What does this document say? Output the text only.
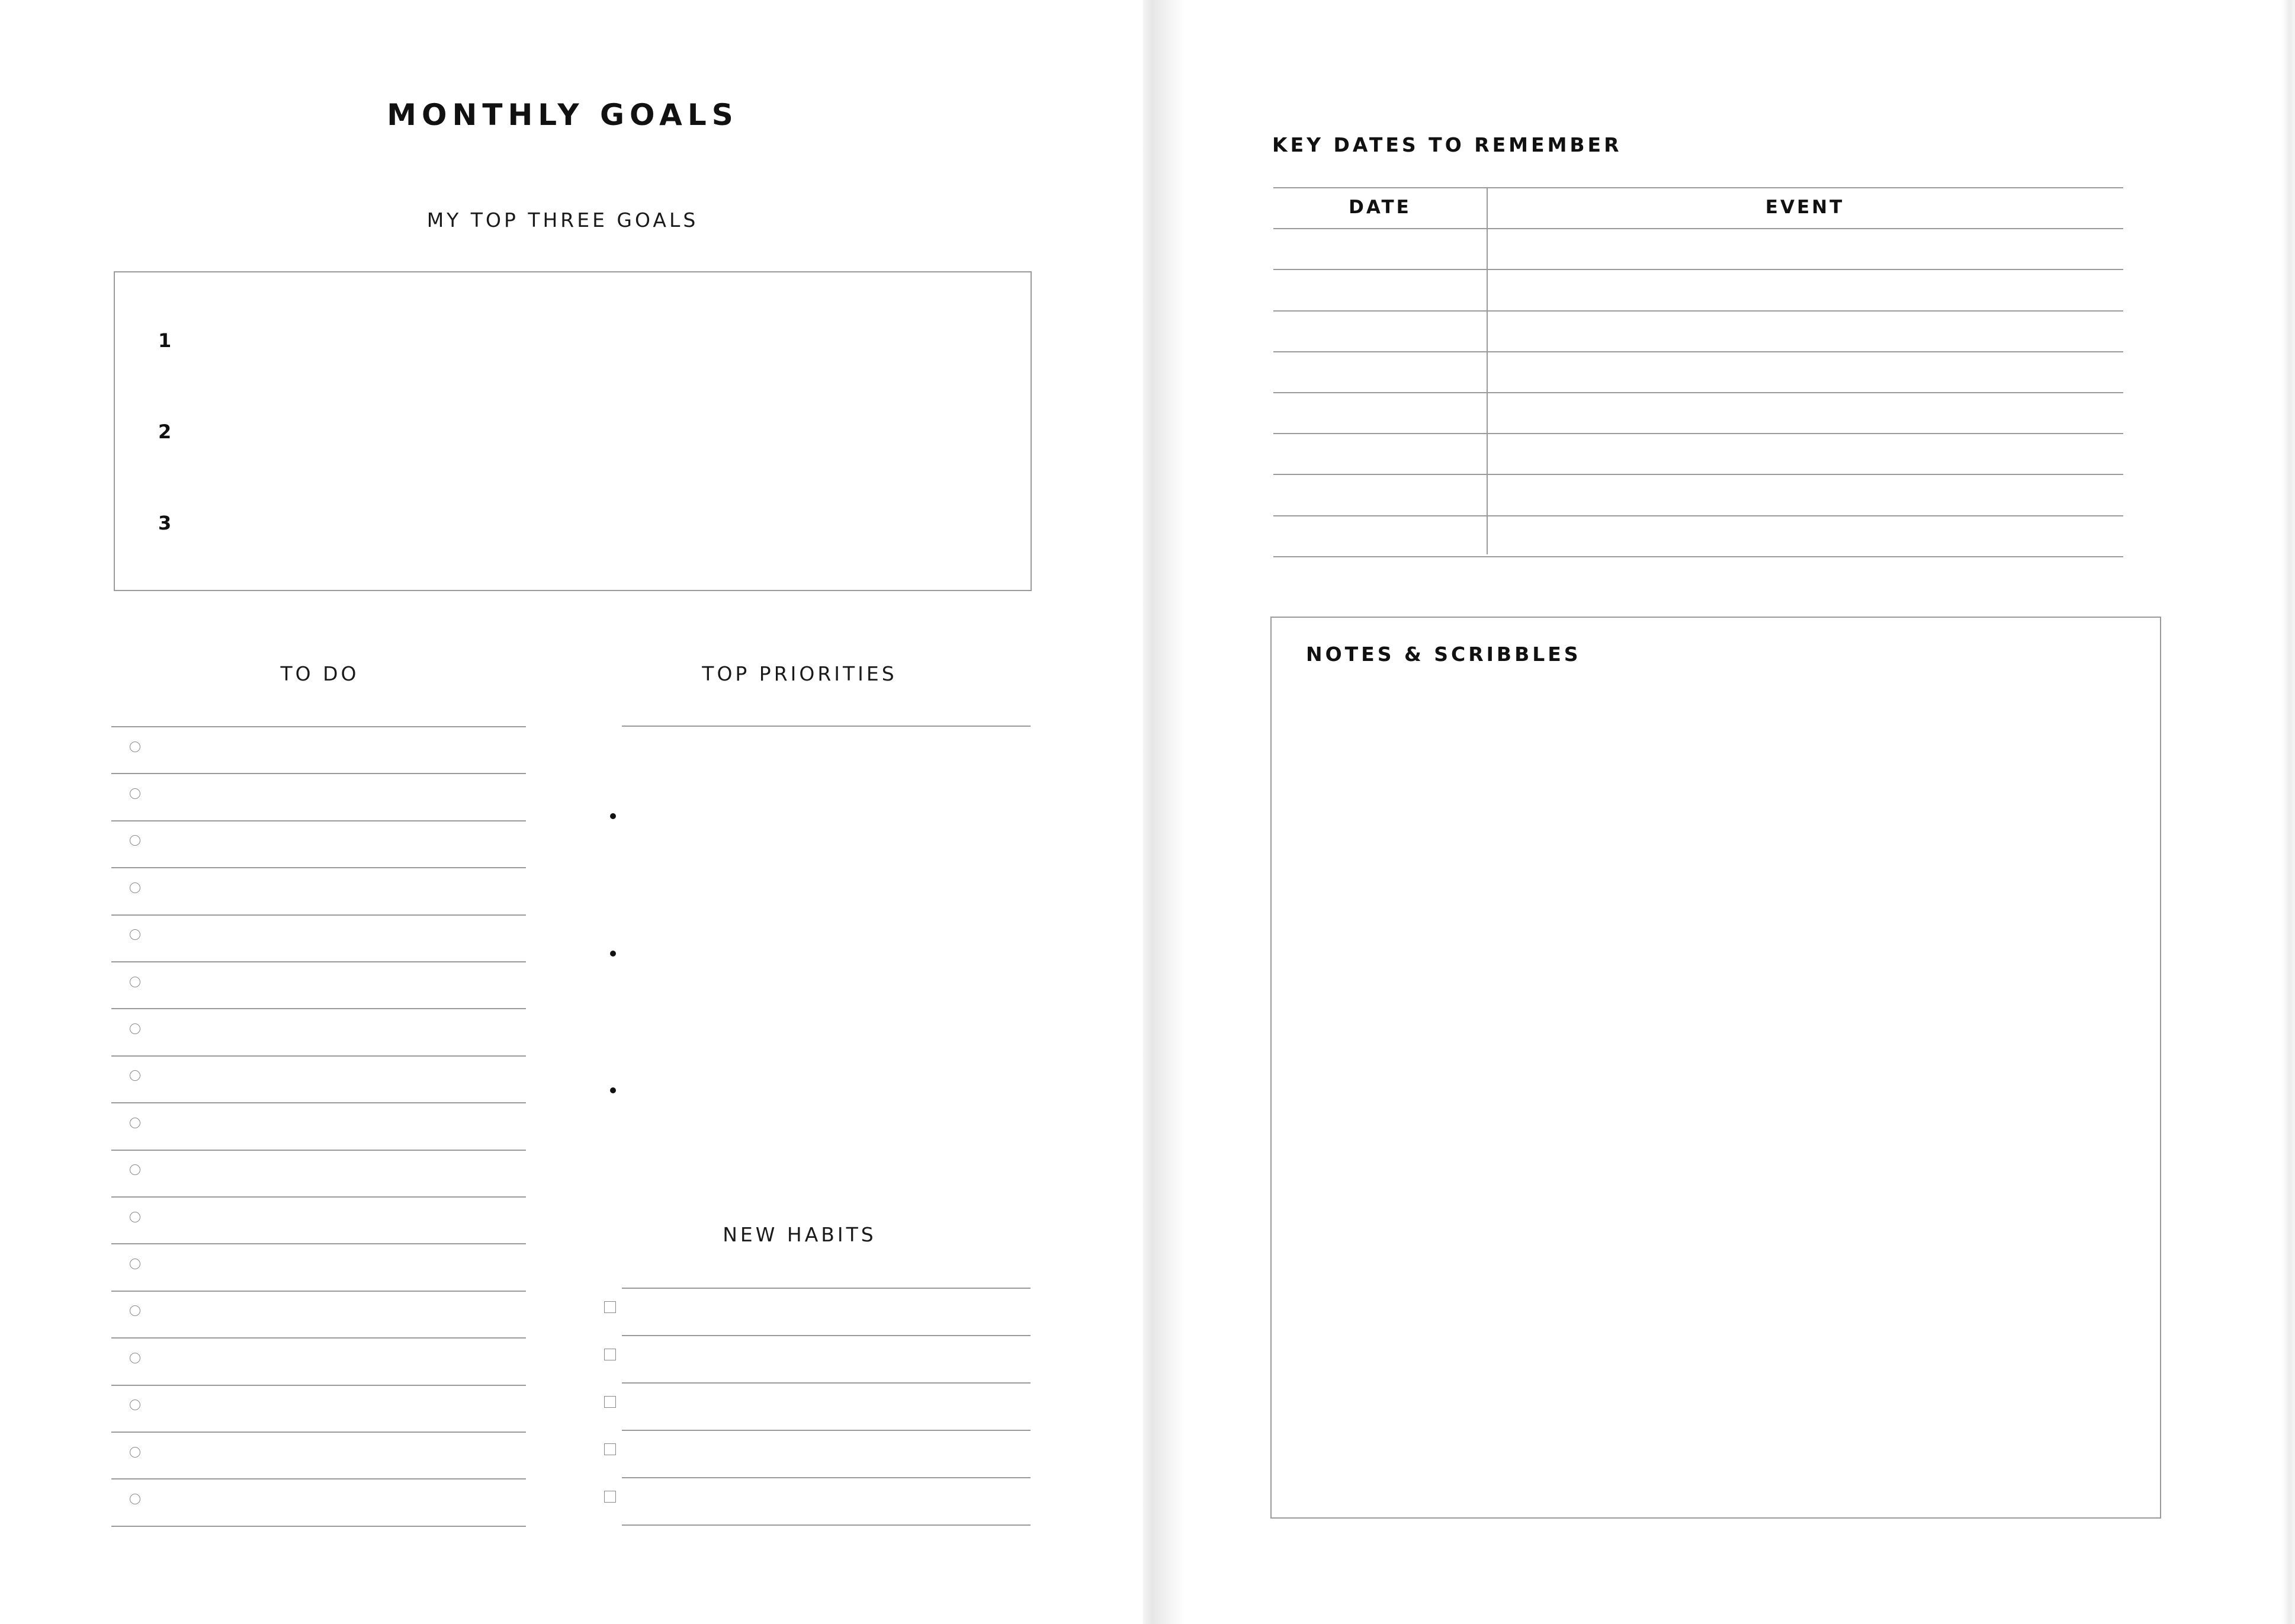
MONTHLY GOALS
MY TOP THREE GOALS
1
2
3
TO DO	TOP PRIORITIES
NEW HABITS
KEY DATES TO REMEMBER
DATE	EVENT
NOTES & SCRIBBLES
